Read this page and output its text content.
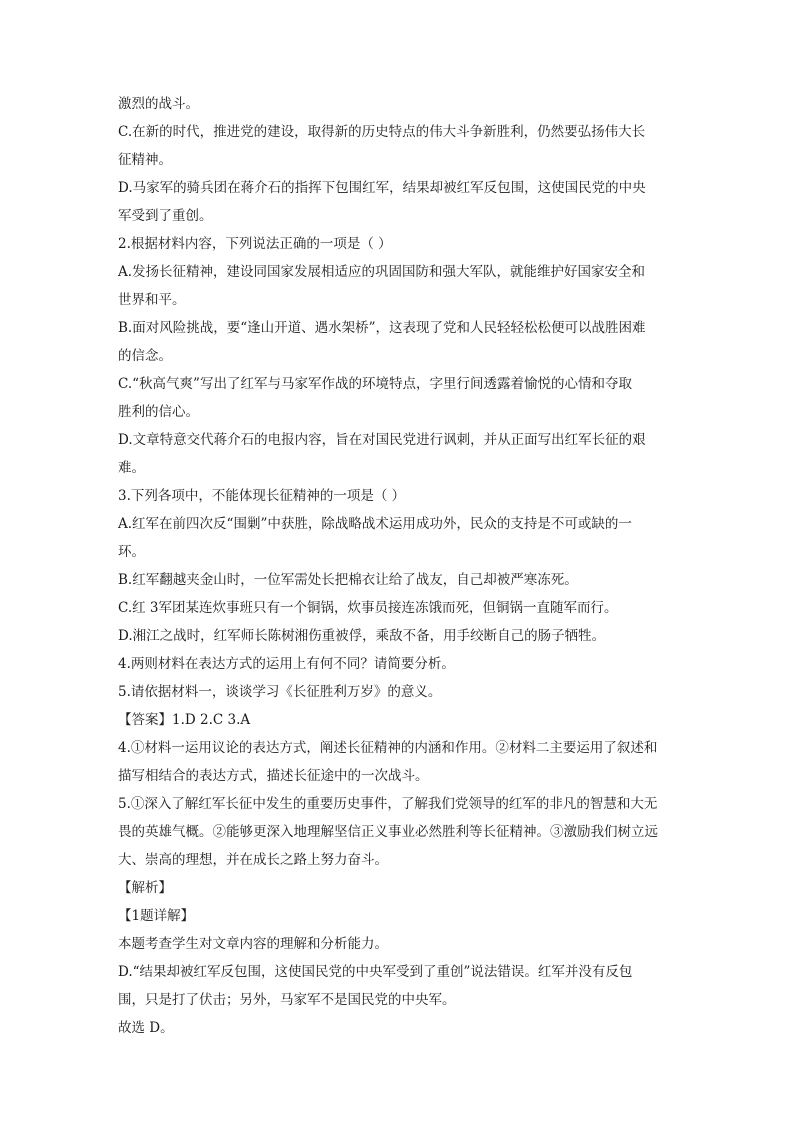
激烈的战斗。
C.在新的时代，推进党的建设，取得新的历史特点的伟大斗争新胜利，仍然要弘扬伟大长
征精神。
D.马家军的骑兵团在蒋介石的指挥下包围红军，结果却被红军反包围，这使国民党的中央
军受到了重创。
2.根据材料内容，下列说法正确的一项是（ ）
A.发扬长征精神，建设同国家发展相适应的巩固国防和强大军队，就能维护好国家安全和
世界和平。
B.面对风险挑战，要“逢山开道、遇水架桥”，这表现了党和人民轻轻松松便可以战胜困难
的信念。
C.“秋高气爽”写出了红军与马家军作战的环境特点，字里行间透露着愉悦的心情和夺取
胜利的信心。
D.文章特意交代蒋介石的电报内容，旨在对国民党进行讽刺，并从正面写出红军长征的艰
难。
3.下列各项中，不能体现长征精神的一项是（ ）
A.红军在前四次反“围剿”中获胜，除战略战术运用成功外，民众的支持是不可或缺的一
环。
B.红军翻越夹金山时，一位军需处长把棉衣让给了战友，自己却被严寒冻死。
C.红 3军团某连炊事班只有一个铜锅，炊事员接连冻饿而死，但铜锅一直随军而行。
D.湘江之战时，红军师长陈树湘伤重被俘，乘敌不备，用手绞断自己的肠子牺牲。
4.两则材料在表达方式的运用上有何不同？请简要分析。
5.请依据材料一，谈谈学习《长征胜利万岁》的意义。
【答案】1.D 2.C 3.A
4.①材料一运用议论的表达方式，阐述长征精神的内涵和作用。②材料二主要运用了叙述和
描写相结合的表达方式，描述长征途中的一次战斗。
5.①深入了解红军长征中发生的重要历史事件，了解我们党领导的红军的非凡的智慧和大无
畏的英雄气概。②能够更深入地理解坚信正义事业必然胜利等长征精神。③激励我们树立远
大、崇高的理想，并在成长之路上努力奋斗。
【解析】
【1题详解】
本题考查学生对文章内容的理解和分析能力。
D.“结果却被红军反包围，这使国民党的中央军受到了重创”说法错误。红军并没有反包
围，只是打了伏击；另外，马家军不是国民党的中央军。
故选 D。
